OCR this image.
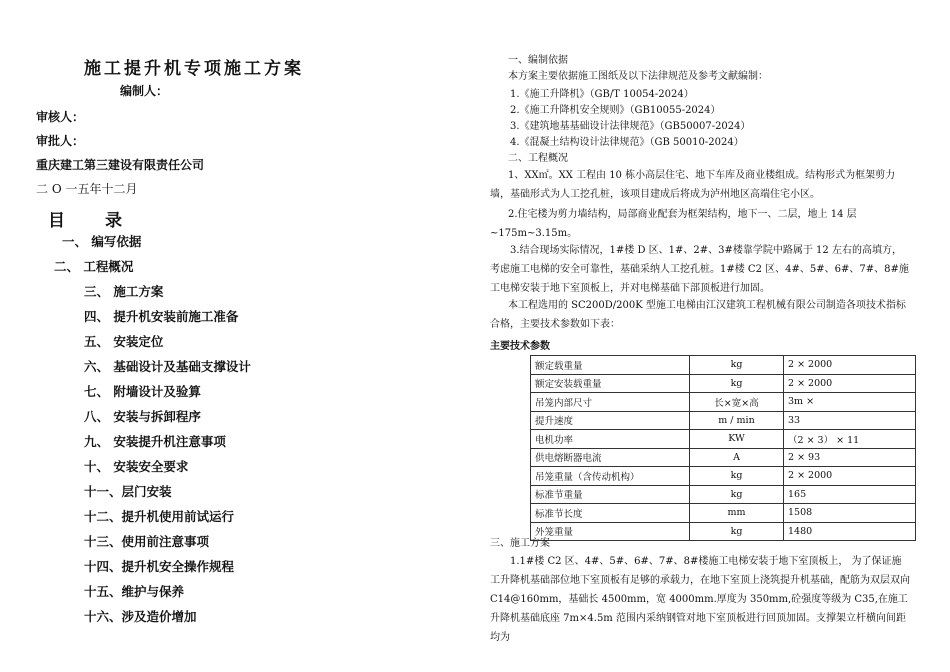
施工提升机专项施工方案
编制人：
审核人：
审批人：
重庆建工第三建设有限责任公司
二 O 一五年十二月
目 录
一、 编写依据
二、 工程概况
三、 施工方案
四、 提升机安装前施工准备
五、 安装定位
六、 基础设计及基础支撑设计
七、 附墙设计及验算
八、 安装与拆卸程序
九、 安装提升机注意事项
十、 安装安全要求
十一、层门安装
十二、提升机使用前试运行
十三、使用前注意事项
十四、提升机安全操作规程
十五、维护与保养
十六、涉及造价增加
一、编制依据
本方案主要依据施工图纸及以下法律规范及参考文献编制：
1.《施工升降机》（GB/T 10054-2024）
2.《施工升降机安全规则》（GB10055-2024）
3.《建筑地基基础设计法律规范》（GB50007-2024）
4.《混凝土结构设计法律规范》（GB 50010-2024）
二、工程概况
1、XX㎡。XX 工程由 10 栋小高层住宅、地下车库及商业楼组成。结构形式为框架剪力墙，基础形式为人工挖孔桩，该项目建成后将成为泸州地区高端住宅小区。
2.住宅楼为剪力墙结构，局部商业配套为框架结构，地下一、二层，地上 14 层~175m~3.15m。
3.结合现场实际情况，1#楼 D 区、1#、2#、3#楼靠学院中路属于 12 左右的高填方，考虑施工电梯的安全可靠性，基础采纳人工挖孔桩。1#楼 C2 区、4#、5#、6#、7#、8#施工电梯安装于地下室顶板上，并对电梯基础下部顶板进行加固。
本工程选用的 SC200D/200K 型施工电梯由江汉建筑工程机械有限公司制造各项技术指标合格，主要技术参数如下表：
主要技术参数
额定载重量	kg	2 × 2000
额定安装载重量	kg	2 × 2000
吊笼内部尺寸	长×宽×高	3m ×
提升速度	m / min	33
电机功率	KW	（2 × 3） × 11
供电熔断器电流	A	2 × 93
吊笼重量（含传动机构）	kg	2 × 2000
标准节重量	kg	165
标准节长度	mm	1508
外笼重量	kg	1480
三、施工方案
1.1#楼 C2 区、4#、5#、6#、7#、8#楼施工电梯安装于地下室顶板上， 为了保证施工升降机基础部位地下室顶板有足够的承载力，在地下室顶上浇筑提升机基础，配筋为双层双向 C14@160mm，基础长 4500mm，宽 4000mm.厚度为 350mm,砼强度等级为 C35,在施工升降机基础底座 7m×4.5m 范围内采纳钢管对地下室顶板进行回顶加固。支撑架立杆横向间距均为
